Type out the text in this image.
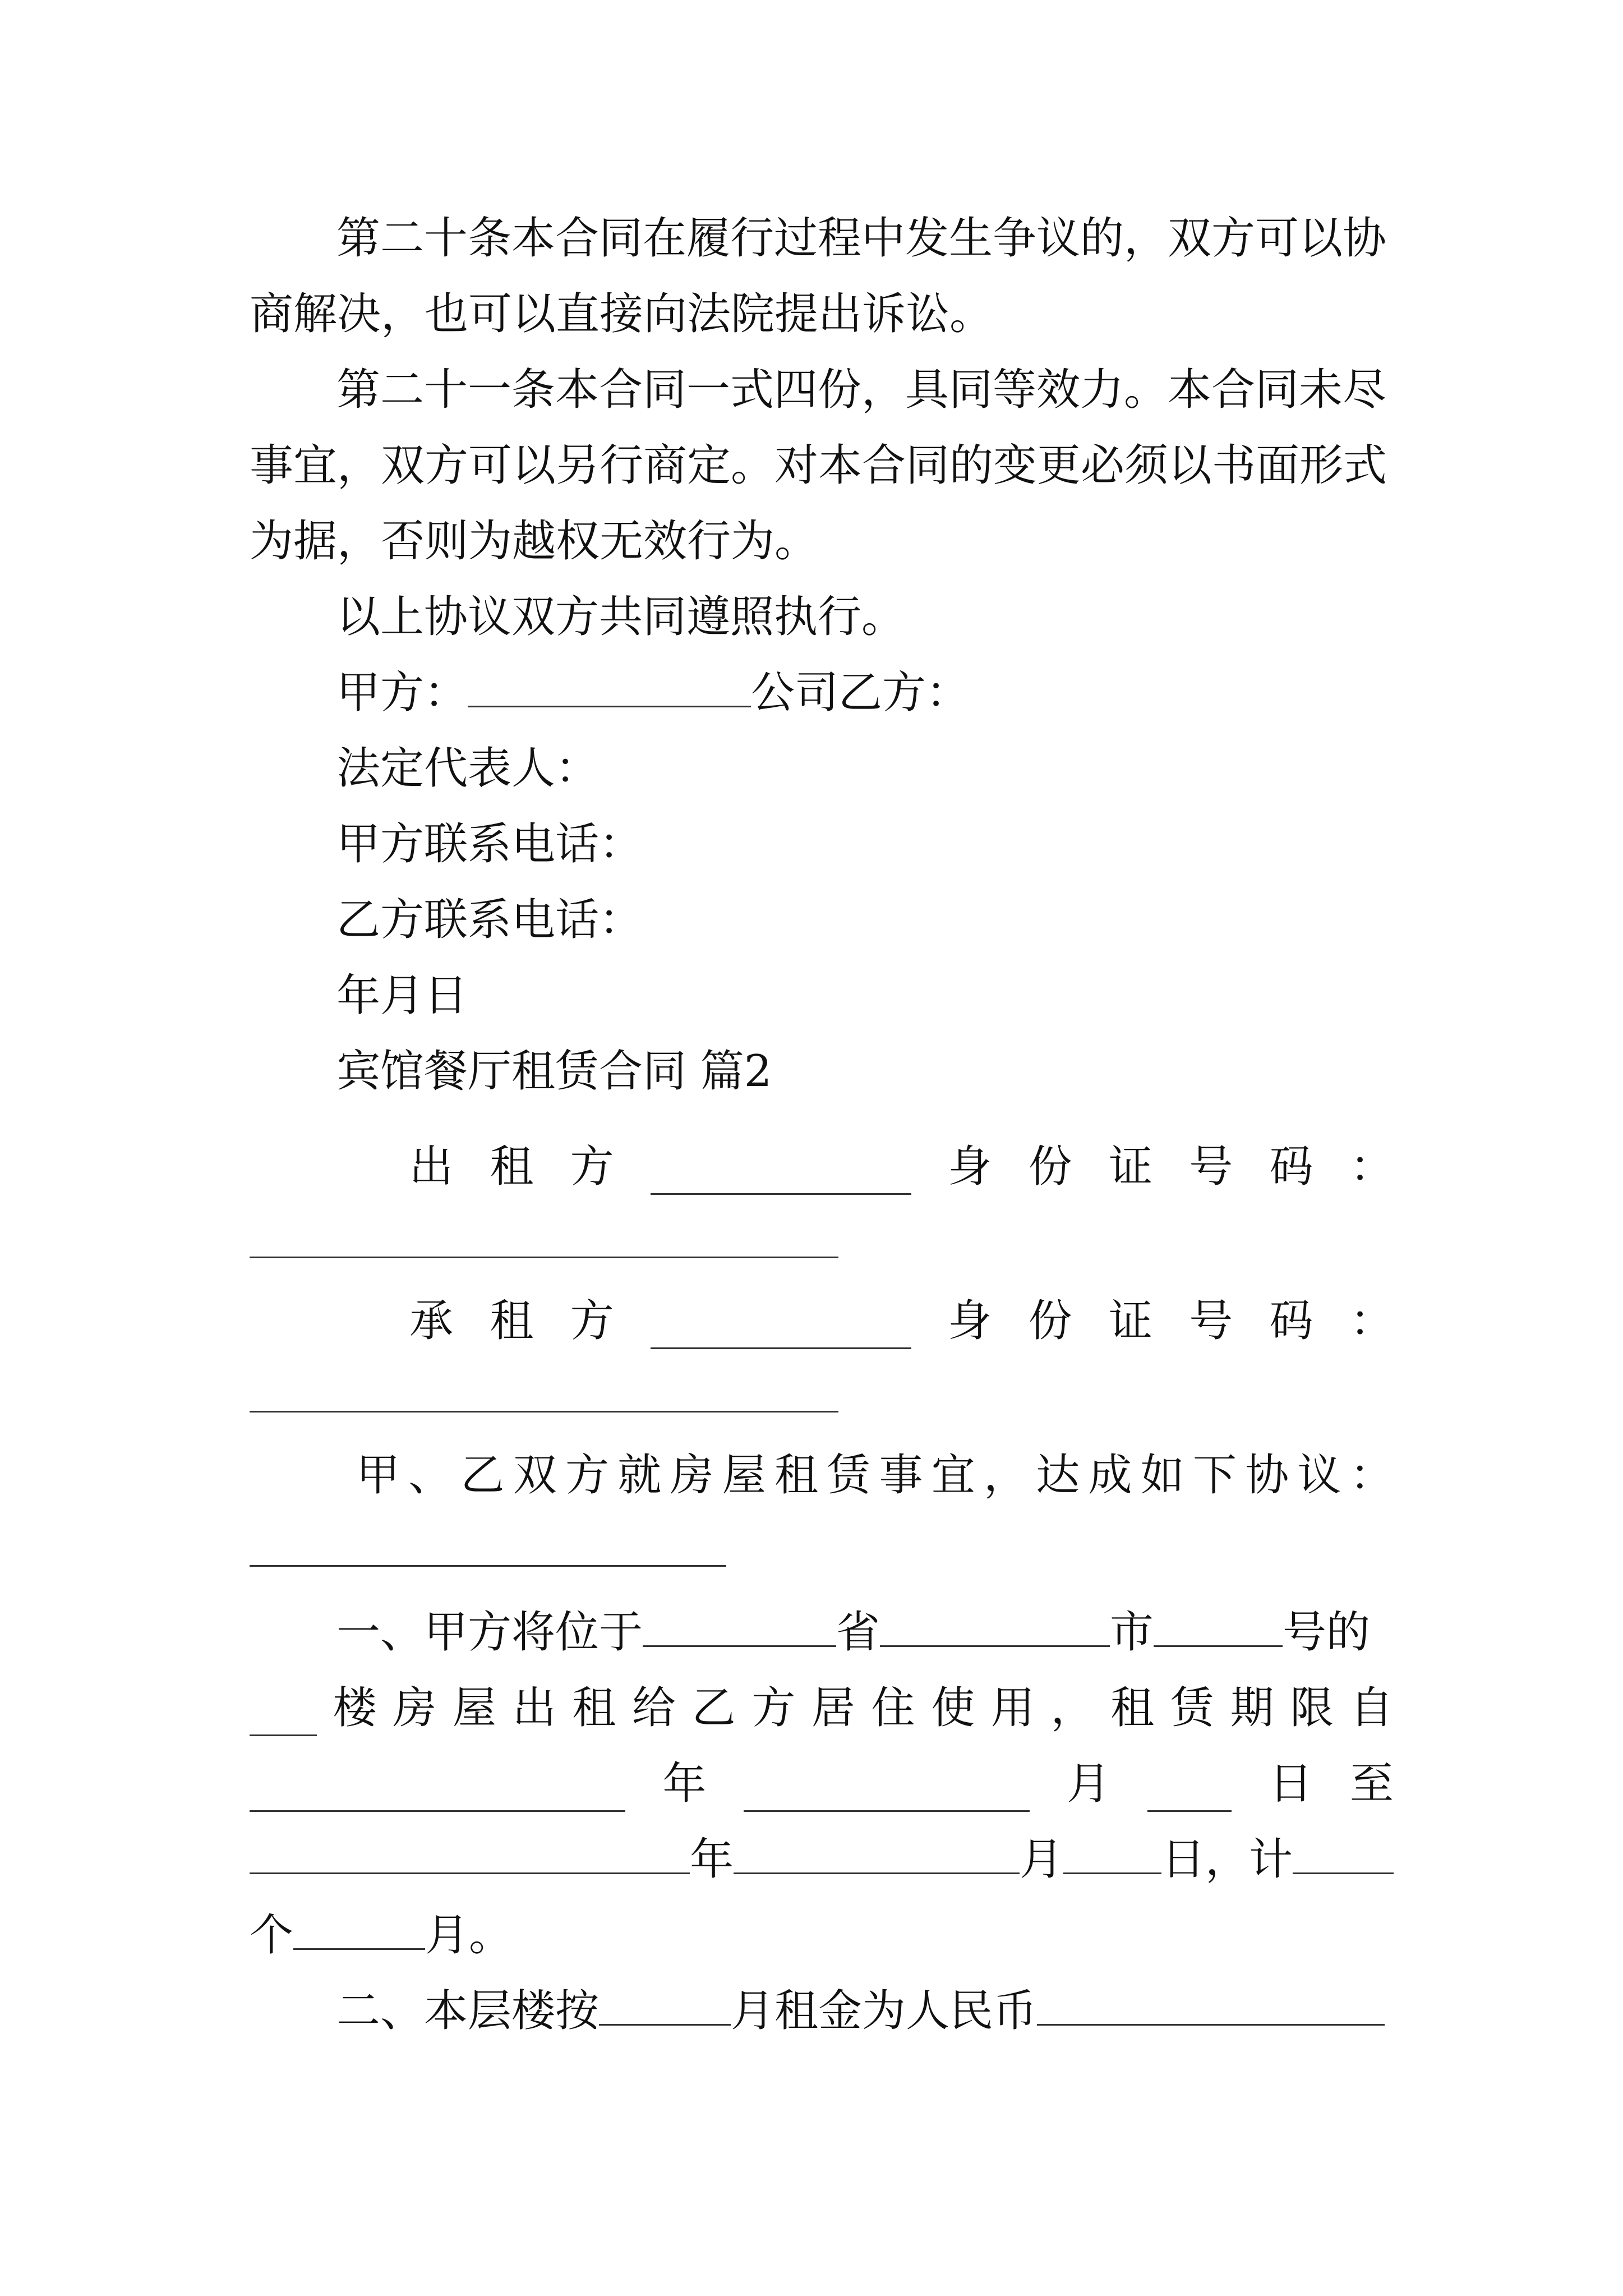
第二十条本合同在履行过程中发生争议的，双方可以协
商解决，也可以直接向法院提出诉讼。
第二十一条本合同一式四份，具同等效力。本合同未尽
事宜，双方可以另行商定。对本合同的变更必须以书面形式
为据，否则为越权无效行为。
以上协议双方共同遵照执行。
甲方：	公司乙方：
法定代表人：
甲方联系电话：
乙方联系电话：
年月日
宾馆餐厅租赁合同 篇2
出 租 方	身 份 证 号 码 ：
承 租 方	身 份 证 号 码 ：
甲 、 乙 双 方 就 房 屋 租 赁 事 宜 ， 达 成 如 下 协 议 ：
一、甲方将位于	省	市	号的
楼 房 屋 出 租 给 乙 方 居 住 使 用 ， 租 赁 期 限 自
年	月	日 至
年	月 日，计
个	月。
二、本层楼按	月租金为人民币
